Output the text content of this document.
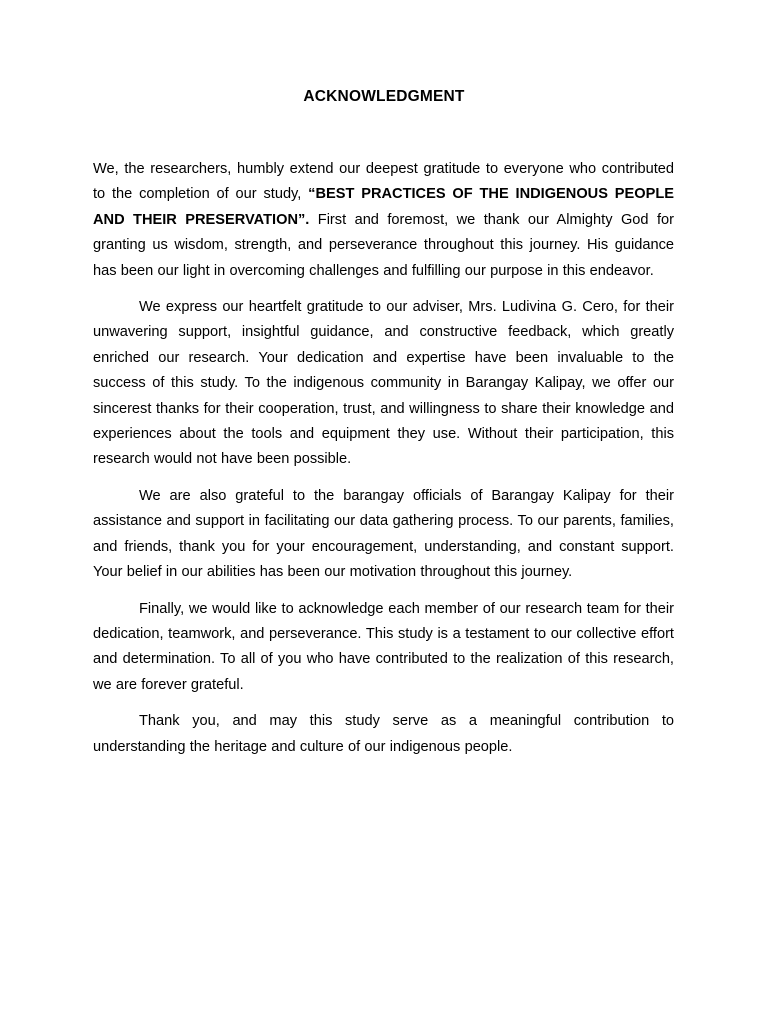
ACKNOWLEDGMENT

We, the researchers, humbly extend our deepest gratitude to everyone who contributed to the completion of our study, “BEST PRACTICES OF THE INDIGENOUS PEOPLE AND THEIR PRESERVATION”. First and foremost, we thank our Almighty God for granting us wisdom, strength, and perseverance throughout this journey. His guidance has been our light in overcoming challenges and fulfilling our purpose in this endeavor.

We express our heartfelt gratitude to our adviser, Mrs. Ludivina G. Cero, for their unwavering support, insightful guidance, and constructive feedback, which greatly enriched our research. Your dedication and expertise have been invaluable to the success of this study. To the indigenous community in Barangay Kalipay, we offer our sincerest thanks for their cooperation, trust, and willingness to share their knowledge and experiences about the tools and equipment they use. Without their participation, this research would not have been possible.

We are also grateful to the barangay officials of Barangay Kalipay for their assistance and support in facilitating our data gathering process. To our parents, families, and friends, thank you for your encouragement, understanding, and constant support. Your belief in our abilities has been our motivation throughout this journey.

Finally, we would like to acknowledge each member of our research team for their dedication, teamwork, and perseverance. This study is a testament to our collective effort and determination. To all of you who have contributed to the realization of this research, we are forever grateful.

Thank you, and may this study serve as a meaningful contribution to understanding the heritage and culture of our indigenous people.
